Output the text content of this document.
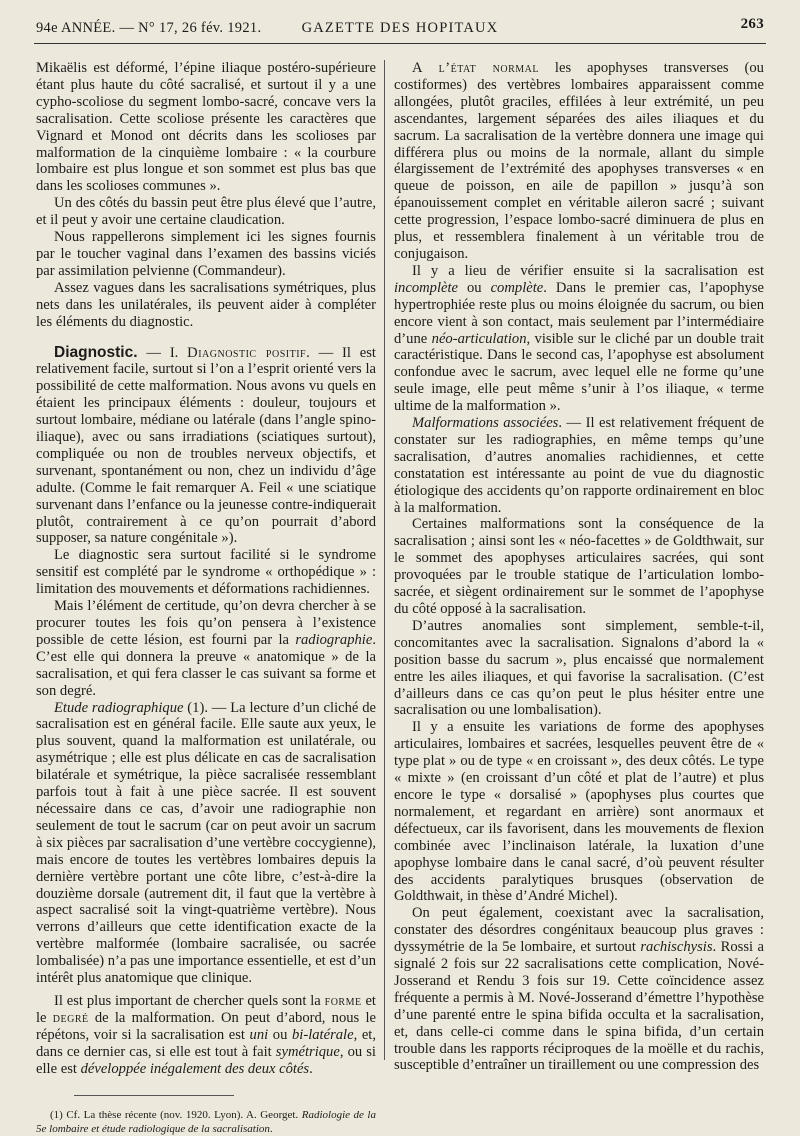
94e ANNÉE. — N° 17, 26 fév. 1921.	GAZETTE DES HOPITAUX	263

Mikaëlis est déformé, l’épine iliaque postéro-supérieure étant plus haute du côté sacralisé, et surtout il y a une cypho-scoliose du segment lombo-sacré, concave vers la sacralisation. Cette scoliose présente les caractères que Vignard et Monod ont décrits dans les scolioses par malformation de la cinquième lombaire : « la courbure lombaire est plus longue et son sommet est plus bas que dans les scolioses communes ».

Un des côtés du bassin peut être plus élevé que l’autre, et il peut y avoir une certaine claudication.

Nous rappellerons simplement ici les signes fournis par le toucher vaginal dans l’examen des bassins viciés par assimilation pelvienne (Commandeur).

Assez vagues dans les sacralisations symétriques, plus nets dans les unilatérales, ils peuvent aider à compléter les éléments du diagnostic.

Diagnostic. — I. Diagnostic positif. — Il est relativement facile, surtout si l’on a l’esprit orienté vers la possibilité de cette malformation. Nous avons vu quels en étaient les principaux éléments : douleur, toujours et surtout lombaire, médiane ou latérale (dans l’angle spino-iliaque), avec ou sans irradiations (sciatiques surtout), compliquée ou non de troubles nerveux objectifs, et survenant, spontanément ou non, chez un individu d’âge adulte. (Comme le fait remarquer A. Feil « une sciatique survenant dans l’enfance ou la jeunesse contre-indiquerait plutôt, contrairement à ce qu’on pourrait d’abord supposer, sa nature congénitale »).

Le diagnostic sera surtout facilité si le syndrome sensitif est complété par le syndrome « orthopédique » : limitation des mouvements et déformations rachidiennes.

Mais l’élément de certitude, qu’on devra chercher à se procurer toutes les fois qu’on pensera à l’existence possible de cette lésion, est fourni par la radiographie. C’est elle qui donnera la preuve « anatomique » de la sacralisation, et qui fera classer le cas suivant sa forme et son degré.

Etude radiographique (1). — La lecture d’un cliché de sacralisation est en général facile. Elle saute aux yeux, le plus souvent, quand la malformation est unilatérale, ou asymétrique ; elle est plus délicate en cas de sacralisation bilatérale et symétrique, la pièce sacralisée ressemblant parfois tout à fait à une pièce sacrée. Il est souvent nécessaire dans ce cas, d’avoir une radiographie non seulement de tout le sacrum (car on peut avoir un sacrum à six pièces par sacralisation d’une vertèbre coccygienne), mais encore de toutes les vertèbres lombaires depuis la dernière vertèbre portant une côte libre, c’est-à-dire la douzième dorsale (autrement dit, il faut que la vertèbre à aspect sacralisé soit la vingt-quatrième vertèbre). Nous verrons d’ailleurs que cette identification exacte de la vertèbre malformée (lombaire sacralisée, ou sacrée lombalisée) n’a pas une importance essentielle, et est d’un intérêt plus anatomique que clinique.

Il est plus important de chercher quels sont la forme et le degré de la malformation. On peut d’abord, nous le répétons, voir si la sacralisation est uni ou bi-latérale, et, dans ce dernier cas, si elle est tout à fait symétrique, ou si elle est développée inégalement des deux côtés.

(1) Cf. La thèse récente (nov. 1920. Lyon). A. Georget. Radiologie de la 5e lombaire et étude radiologique de la sacralisation.

A l’état normal les apophyses transverses (ou costiformes) des vertèbres lombaires apparaissent comme allongées, plutôt graciles, effilées à leur extrémité, un peu ascendantes, largement séparées des ailes iliaques et du sacrum. La sacralisation de la vertèbre donnera une image qui différera plus ou moins de la normale, allant du simple élargissement de l’extrémité des apophyses transverses « en queue de poisson, en aile de papillon » jusqu’à son épanouissement complet en véritable aileron sacré ; suivant cette progression, l’espace lombo-sacré diminuera de plus en plus, et ressemblera finalement à un véritable trou de conjugaison.

Il y a lieu de vérifier ensuite si la sacralisation est incomplète ou complète. Dans le premier cas, l’apophyse hypertrophiée reste plus ou moins éloignée du sacrum, ou bien encore vient à son contact, mais seulement par l’intermédiaire d’une néo-articulation, visible sur le cliché par un double trait caractéristique. Dans le second cas, l’apophyse est absolument confondue avec le sacrum, avec lequel elle ne forme qu’une seule image, elle peut même s’unir à l’os iliaque, « terme ultime de la malformation ».

Malformations associées. — Il est relativement fréquent de constater sur les radiographies, en même temps qu’une sacralisation, d’autres anomalies rachidiennes, et cette constatation est intéressante au point de vue du diagnostic étiologique des accidents qu’on rapporte ordinairement en bloc à la malformation.

Certaines malformations sont la conséquence de la sacralisation ; ainsi sont les « néo-facettes » de Goldthwait, sur le sommet des apophyses articulaires sacrées, qui sont provoquées par le trouble statique de l’articulation lombo-sacrée, et siègent ordinairement sur le sommet de l’apophyse du côté opposé à la sacralisation.

D’autres anomalies sont simplement, semble-t-il, concomitantes avec la sacralisation. Signalons d’abord la « position basse du sacrum », plus encaissé que normalement entre les ailes iliaques, et qui favorise la sacralisation. (C’est d’ailleurs dans ce cas qu’on peut le plus hésiter entre une sacralisation ou une lombalisation).

Il y a ensuite les variations de forme des apophyses articulaires, lombaires et sacrées, lesquelles peuvent être de « type plat » ou de type « en croissant », des deux côtés. Le type « mixte » (en croissant d’un côté et plat de l’autre) et plus encore le type « dorsalisé » (apophyses plus courtes que normalement, et regardant en arrière) sont anormaux et défectueux, car ils favorisent, dans les mouvements de flexion combinée avec l’inclinaison latérale, la luxation d’une apophyse lombaire dans le canal sacré, d’où peuvent résulter des accidents paralytiques brusques (observation de Goldthwait, in thèse d’André Michel).

On peut également, coexistant avec la sacralisation, constater des désordres congénitaux beaucoup plus graves : dyssymétrie de la 5e lombaire, et surtout rachischysis. Rossi a signalé 2 fois sur 22 sacralisations cette complication, Nové-Josserand et Rendu 3 fois sur 19. Cette coïncidence assez fréquente a permis à M. Nové-Josserand d’émettre l’hypothèse d’une parenté entre le spina bifida occulta et la sacralisation, et, dans celle-ci comme dans le spina bifida, d’un certain trouble dans les rapports réciproques de la moëlle et du rachis, susceptible d’entraîner un tiraillement ou une compression des
